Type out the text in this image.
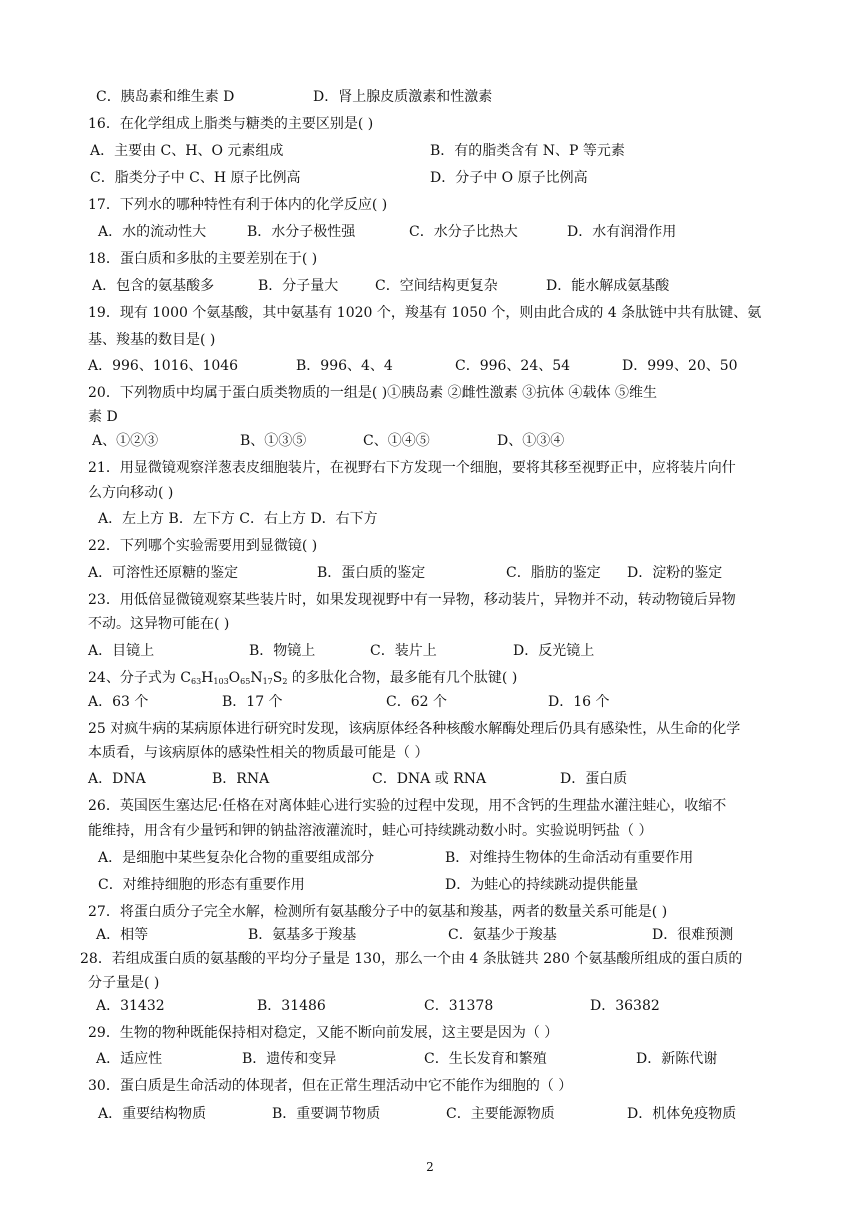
C．胰岛素和维生素 D	D．肾上腺皮质激素和性激素
16．在化学组成上脂类与糖类的主要区别是( )
A．主要由 C、H、O 元素组成	B．有的脂类含有 N、P 等元素
C．脂类分子中 C、H 原子比例高	D．分子中 O 原子比例高
17．下列水的哪种特性有利于体内的化学反应( )
A．水的流动性大	B．水分子极性强	C．水分子比热大	D．水有润滑作用
18．蛋白质和多肽的主要差别在于( )
A．包含的氨基酸多	B．分子量大	C．空间结构更复杂	D．能水解成氨基酸
19．现有 1000 个氨基酸，其中氨基有 1020 个，羧基有 1050 个，则由此合成的 4 条肽链中共有肽键、氨
基、羧基的数目是( )
A．996、1016、1046	B．996、4、4	C．996、24、54	D．999、20、50
20．下列物质中均属于蛋白质类物质的一组是( )①胰岛素 ②雌性激素 ③抗体 ④载体 ⑤维生
素 D
A、①②③	B、①③⑤	C、①④⑤	D、①③④
21．用显微镜观察洋葱表皮细胞装片，在视野右下方发现一个细胞，要将其移至视野正中，应将装片向什
么方向移动( )
A．左上方 B．左下方 C．右上方 D．右下方
22．下列哪个实验需要用到显微镜( )
A．可溶性还原糖的鉴定	B．蛋白质的鉴定	C．脂肪的鉴定 D．淀粉的鉴定
23．用低倍显微镜观察某些装片时，如果发现视野中有一异物，移动装片，异物并不动，转动物镜后异物
不动。这异物可能在( )
A．目镜上	B．物镜上	C．装片上	D．反光镜上
24、分子式为 $C_{63}H_{103}O_{65}N_{17}S_2$ 的多肽化合物，最多能有几个肽键( )
A．63 个	B．17 个	C．62 个	D．16 个
25 对疯牛病的某病原体进行研究时发现，该病原体经各种核酸水解酶处理后仍具有感染性，从生命的化学
本质看，与该病原体的感染性相关的物质最可能是（ ）
A．DNA	B．RNA	C．DNA 或 RNA	D．蛋白质
26．英国医生塞达尼·任格在对离体蛙心进行实验的过程中发现，用不含钙的生理盐水灌注蛙心，收缩不
能维持，用含有少量钙和钾的钠盐溶液灌流时，蛙心可持续跳动数小时。实验说明钙盐（ ）
A．是细胞中某些复杂化合物的重要组成部分	B．对维持生物体的生命活动有重要作用
C．对维持细胞的形态有重要作用	D．为蛙心的持续跳动提供能量
27．将蛋白质分子完全水解，检测所有氨基酸分子中的氨基和羧基，两者的数量关系可能是( )
A．相等	B．氨基多于羧基	C．氨基少于羧基	D．很难预测
28．若组成蛋白质的氨基酸的平均分子量是 130，那么一个由 4 条肽链共 280 个氨基酸所组成的蛋白质的
分子量是( )
A．31432	B．31486	C．31378	D．36382
29．生物的物种既能保持相对稳定，又能不断向前发展，这主要是因为（ ）
A．适应性	B．遗传和变异	C．生长发育和繁殖	D．新陈代谢
30．蛋白质是生命活动的体现者，但在正常生理活动中它不能作为细胞的（ ）
A．重要结构物质	B．重要调节物质	C．主要能源物质	D．机体免疫物质
2
